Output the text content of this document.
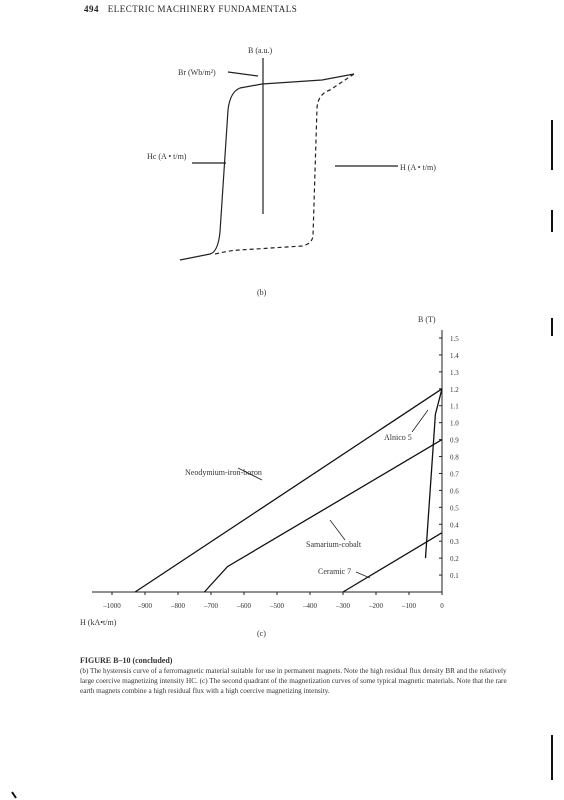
494 ELECTRIC MACHINERY FUNDAMENTALS
B (a.u.)
Br (Wb/m²)
Hc (A • t/m)
H (A • t/m)
(b)
0.1
0.2
0.3
0.4
0.5
0.6
0.7
0.8
0.9
1.0
1.1
1.2
1.3
1.4
1.5
–1000 –900	–800	–700	–600	–500	–400	–300	–200	–100	0
B (T)
H (kA•t/m)
Neodymium-iron-boron
Alnico 5
Samarium-cobalt
Ceramic 7
(c)
FIGURE B–10 (concluded)

(b) The hysteresis curve of a ferromagnetic material suitable for use in permanent magnets. Note the high residual flux density BR and the relatively large coercive magnetizing intensity HC. (c) The second quadrant of the magnetization curves of some typical magnetic materials. Note that the rare earth magnets combine a high residual flux with a high coercive magnetizing intensity.
